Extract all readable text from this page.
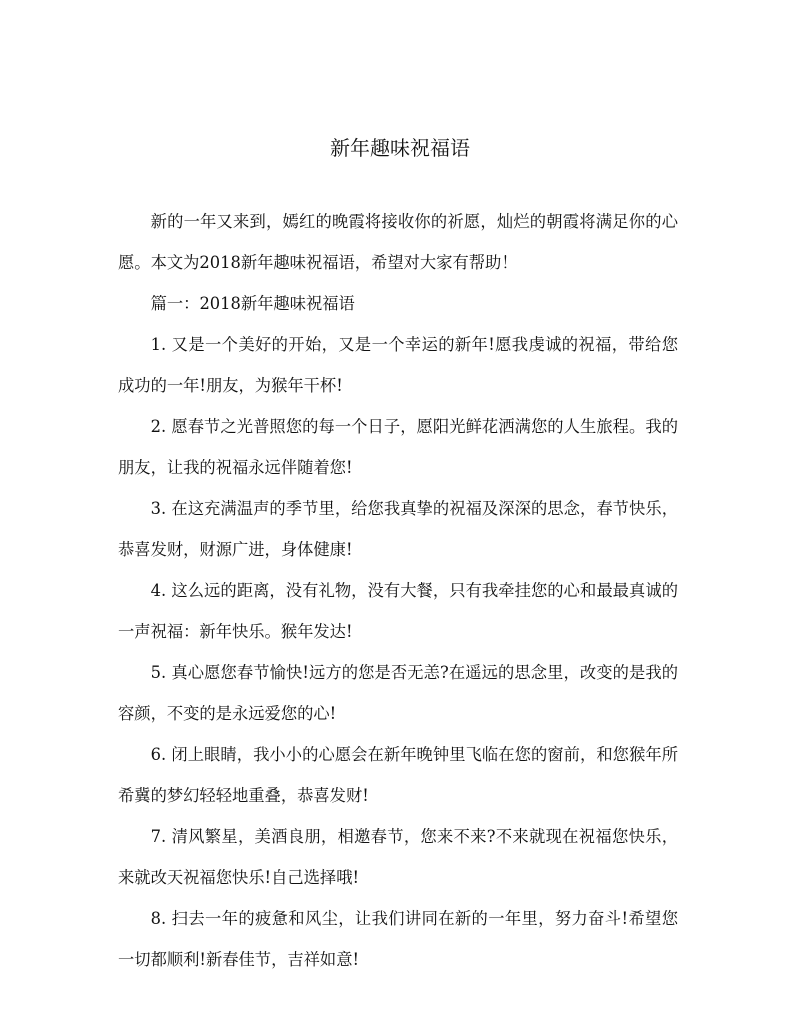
新年趣味祝福语

新的一年又来到，嫣红的晚霞将接收你的祈愿，灿烂的朝霞将满足你的心愿。本文为2018新年趣味祝福语，希望对大家有帮助！

篇一：2018新年趣味祝福语

1. 又是一个美好的开始，又是一个幸运的新年!愿我虔诚的祝福，带给您成功的一年!朋友，为猴年干杯!

2. 愿春节之光普照您的每一个日子，愿阳光鲜花洒满您的人生旅程。我的朋友，让我的祝福永远伴随着您!

3. 在这充满温声的季节里，给您我真挚的祝福及深深的思念，春节快乐，恭喜发财，财源广进，身体健康!

4. 这么远的距离，没有礼物，没有大餐，只有我牵挂您的心和最最真诚的一声祝福：新年快乐。猴年发达!

5. 真心愿您春节愉快!远方的您是否无恙?在遥远的思念里，改变的是我的容颜，不变的是永远爱您的心!

6. 闭上眼睛，我小小的心愿会在新年晚钟里飞临在您的窗前，和您猴年所希冀的梦幻轻轻地重叠，恭喜发财!

7. 清风繁星，美酒良朋，相邀春节，您来不来?不来就现在祝福您快乐，来就改天祝福您快乐!自己选择哦!

8. 扫去一年的疲惫和风尘，让我们讲同在新的一年里，努力奋斗!希望您一切都顺利!新春佳节，吉祥如意!
